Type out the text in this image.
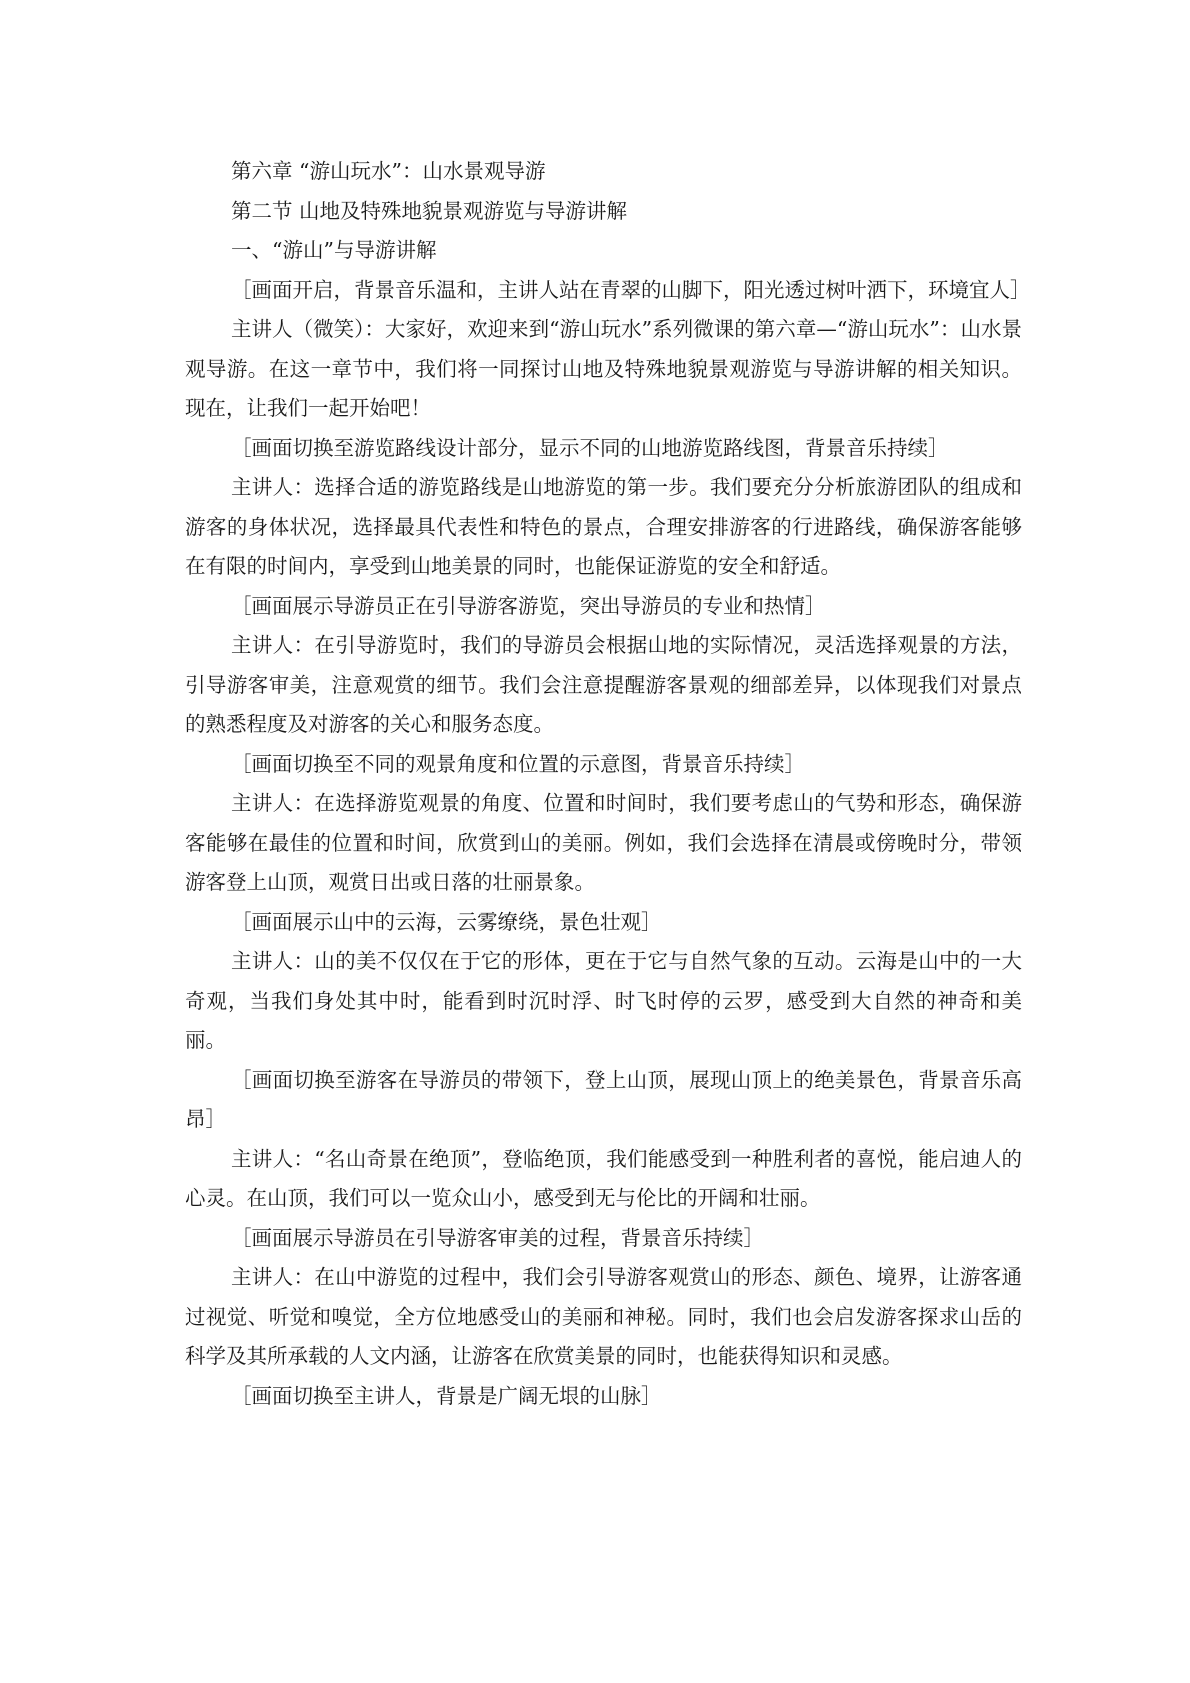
第六章 “游山玩水”：山水景观导游

第二节 山地及特殊地貌景观游览与导游讲解

一、“游山”与导游讲解

［画面开启，背景音乐温和，主讲人站在青翠的山脚下，阳光透过树叶洒下，环境宜人］

主讲人（微笑）：大家好，欢迎来到“游山玩水”系列微课的第六章—“游山玩水”：山水景观导游。在这一章节中，我们将一同探讨山地及特殊地貌景观游览与导游讲解的相关知识。现在，让我们一起开始吧！

［画面切换至游览路线设计部分，显示不同的山地游览路线图，背景音乐持续］

主讲人：选择合适的游览路线是山地游览的第一步。我们要充分分析旅游团队的组成和游客的身体状况，选择最具代表性和特色的景点，合理安排游客的行进路线，确保游客能够在有限的时间内，享受到山地美景的同时，也能保证游览的安全和舒适。

［画面展示导游员正在引导游客游览，突出导游员的专业和热情］

主讲人：在引导游览时，我们的导游员会根据山地的实际情况，灵活选择观景的方法，引导游客审美，注意观赏的细节。我们会注意提醒游客景观的细部差异，以体现我们对景点的熟悉程度及对游客的关心和服务态度。

［画面切换至不同的观景角度和位置的示意图，背景音乐持续］

主讲人：在选择游览观景的角度、位置和时间时，我们要考虑山的气势和形态，确保游客能够在最佳的位置和时间，欣赏到山的美丽。例如，我们会选择在清晨或傍晚时分，带领游客登上山顶，观赏日出或日落的壮丽景象。

［画面展示山中的云海，云雾缭绕，景色壮观］

主讲人：山的美不仅仅在于它的形体，更在于它与自然气象的互动。云海是山中的一大奇观，当我们身处其中时，能看到时沉时浮、时飞时停的云罗，感受到大自然的神奇和美丽。

［画面切换至游客在导游员的带领下，登上山顶，展现山顶上的绝美景色，背景音乐高昂］

主讲人：“名山奇景在绝顶”，登临绝顶，我们能感受到一种胜利者的喜悦，能启迪人的心灵。在山顶，我们可以一览众山小，感受到无与伦比的开阔和壮丽。

［画面展示导游员在引导游客审美的过程，背景音乐持续］

主讲人：在山中游览的过程中，我们会引导游客观赏山的形态、颜色、境界，让游客通过视觉、听觉和嗅觉，全方位地感受山的美丽和神秘。同时，我们也会启发游客探求山岳的科学及其所承载的人文内涵，让游客在欣赏美景的同时，也能获得知识和灵感。

［画面切换至主讲人，背景是广阔无垠的山脉］
